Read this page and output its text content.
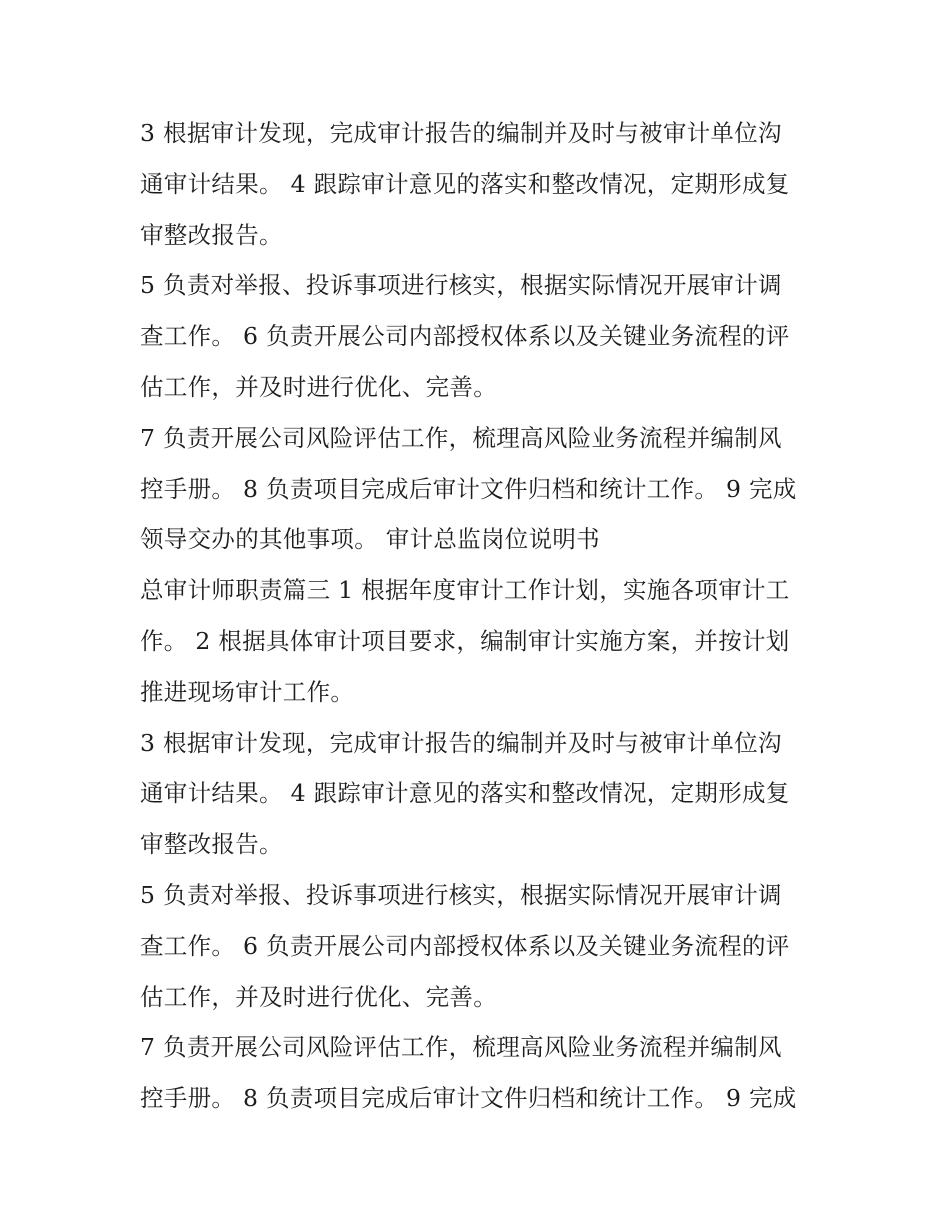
3 根据审计发现，完成审计报告的编制并及时与被审计单位沟
通审计结果。 4 跟踪审计意见的落实和整改情况，定期形成复
审整改报告。
5 负责对举报、投诉事项进行核实，根据实际情况开展审计调
查工作。 6 负责开展公司内部授权体系以及关键业务流程的评
估工作，并及时进行优化、完善。
7 负责开展公司风险评估工作，梳理高风险业务流程并编制风
控手册。 8 负责项目完成后审计文件归档和统计工作。 9 完成
领导交办的其他事项。 审计总监岗位说明书
总审计师职责篇三 1 根据年度审计工作计划，实施各项审计工
作。 2 根据具体审计项目要求，编制审计实施方案，并按计划
推进现场审计工作。
3 根据审计发现，完成审计报告的编制并及时与被审计单位沟
通审计结果。 4 跟踪审计意见的落实和整改情况，定期形成复
审整改报告。
5 负责对举报、投诉事项进行核实，根据实际情况开展审计调
查工作。 6 负责开展公司内部授权体系以及关键业务流程的评
估工作，并及时进行优化、完善。
7 负责开展公司风险评估工作，梳理高风险业务流程并编制风
控手册。 8 负责项目完成后审计文件归档和统计工作。 9 完成
